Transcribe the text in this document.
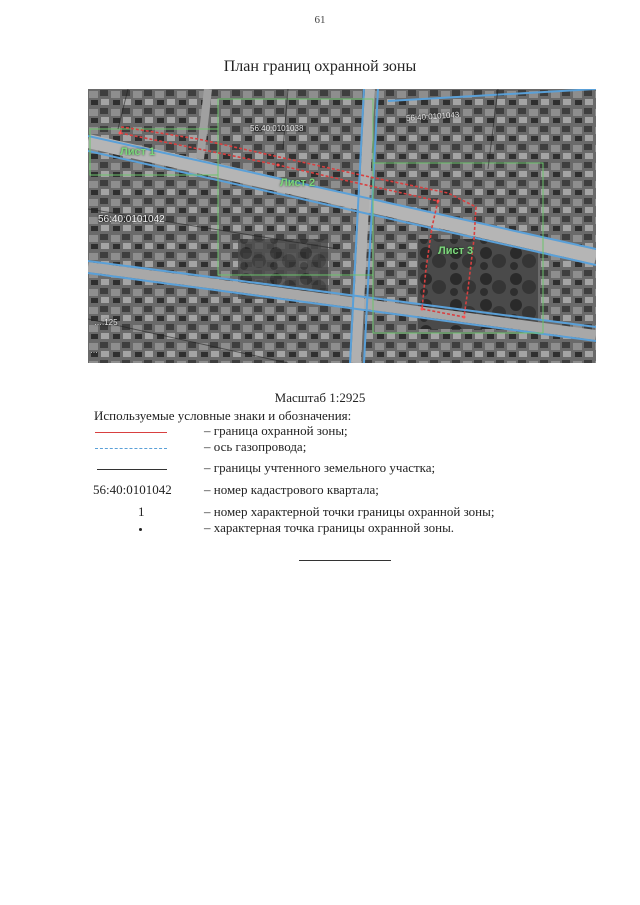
61
План границ охранной зоны
Лист 1
Лист 2
Лист 3
56:40:0101042
56:40:0101038
56:40:0101043
…:125
…
Масштаб 1:2925
Используемые условные знаки и обозначения:
– граница охранной зоны;
– ось газопровода;
– границы учтенного земельного участка;
56:40:0101042	– номер кадастрового квартала;
1	– номер характерной точки границы охранной зоны;
– характерная точка границы охранной зоны.
